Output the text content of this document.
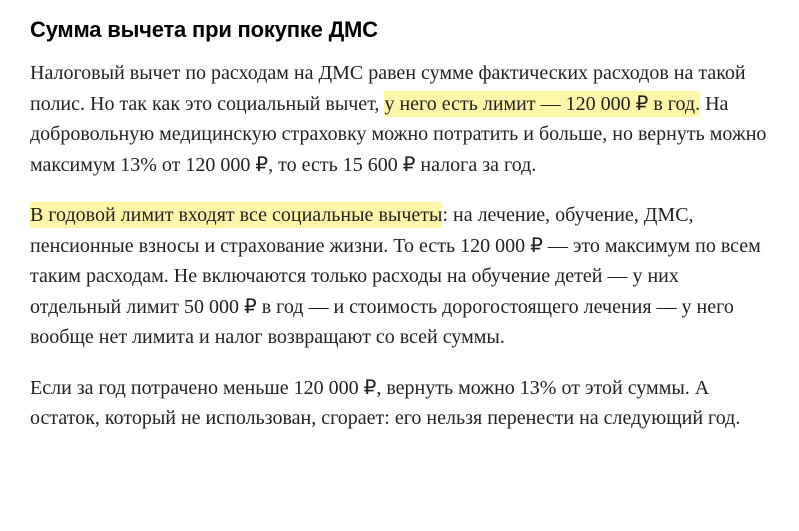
Сумма вычета при покупке ДМС

Налоговый вычет по расходам на ДМС равен сумме фактических расходов на такой полис. Но так как это социальный вычет, у него есть лимит — 120 000 ₽ в год. На добровольную медицинскую страховку можно потратить и больше, но вернуть можно максимум 13% от 120 000 ₽, то есть 15 600 ₽ налога за год.

В годовой лимит входят все социальные вычеты: на лечение, обучение, ДМС, пенсионные взносы и страхование жизни. То есть 120 000 ₽ — это максимум по всем таким расходам. Не включаются только расходы на обучение детей — у них отдельный лимит 50 000 ₽ в год — и стоимость дорогостоящего лечения — у него вообще нет лимита и налог возвращают со всей суммы.

Если за год потрачено меньше 120 000 ₽, вернуть можно 13% от этой суммы. А остаток, который не использован, сгорает: его нельзя перенести на следующий год.
